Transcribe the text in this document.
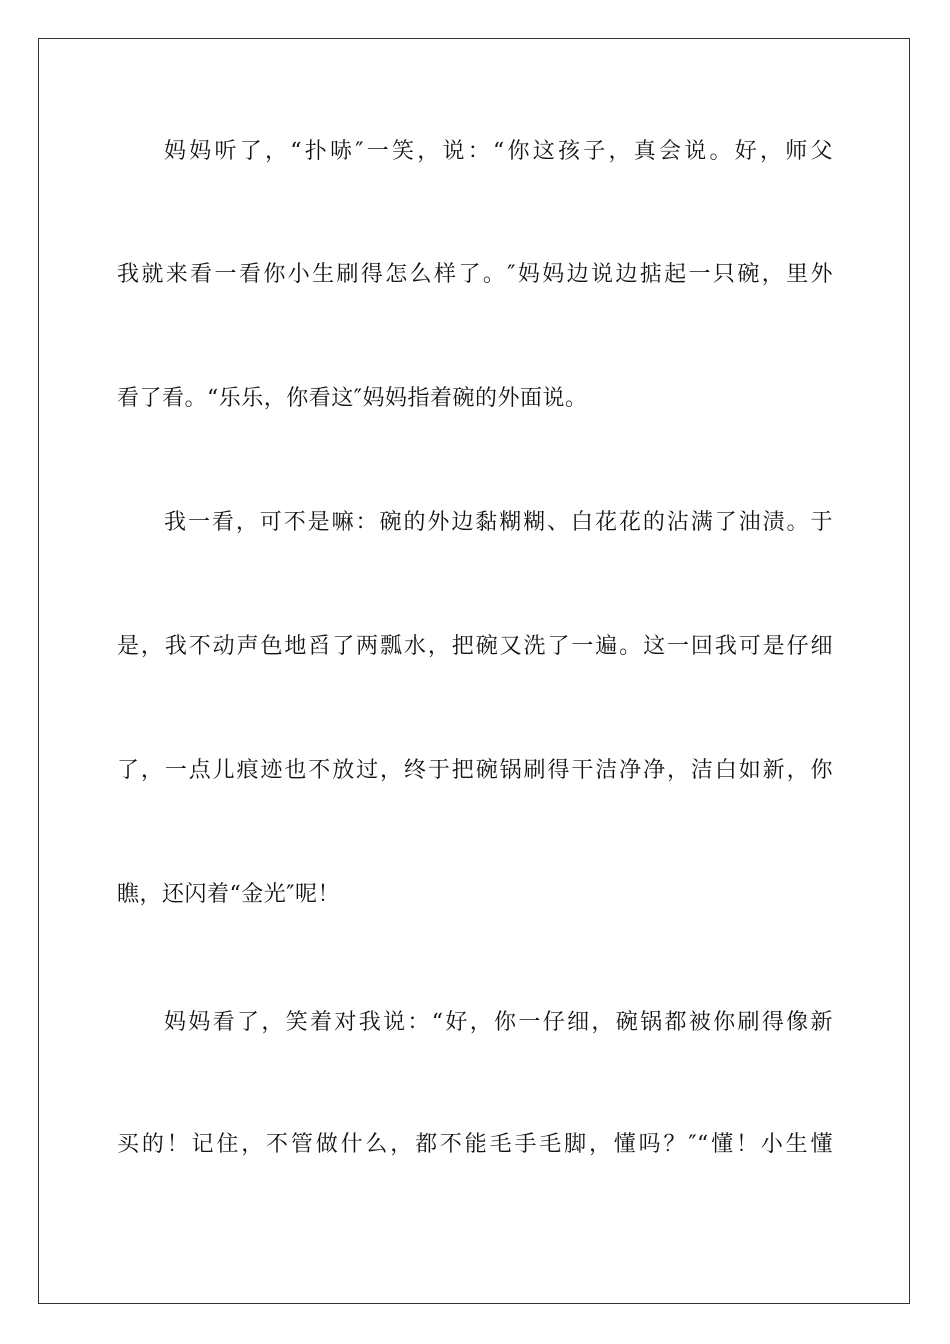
妈妈听了，“扑哧″一笑，说：“你这孩子，真会说。好，师父
我就来看一看你小生刷得怎么样了。″妈妈边说边掂起一只碗，里外
看了看。“乐乐，你看这″妈妈指着碗的外面说。
我一看，可不是嘛：碗的外边黏糊糊、白花花的沾满了油渍。于
是，我不动声色地舀了两瓢水，把碗又洗了一遍。这一回我可是仔细
了，一点儿痕迹也不放过，终于把碗锅刷得干洁净净，洁白如新，你
瞧，还闪着“金光″呢！
妈妈看了，笑着对我说：“好，你一仔细，碗锅都被你刷得像新
买的！记住，不管做什么，都不能毛手毛脚，懂吗？″“懂！小生懂
